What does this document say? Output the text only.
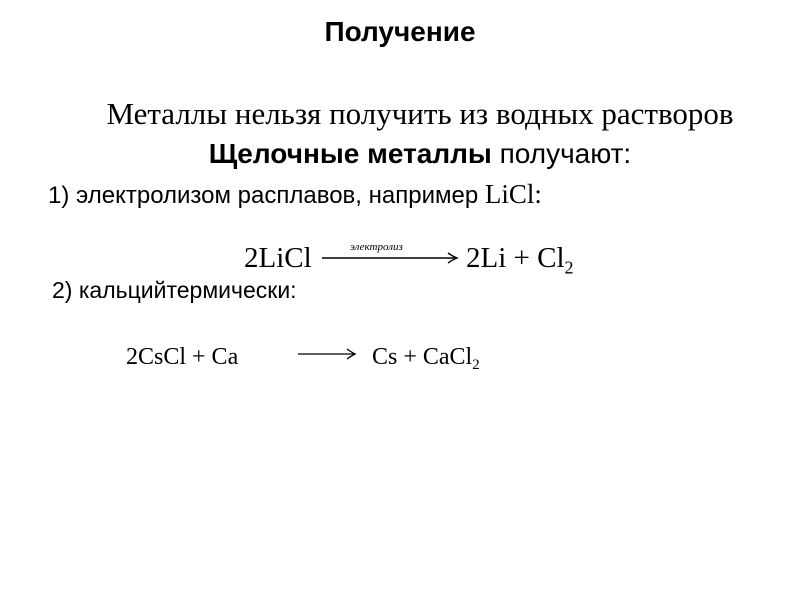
Получение
Металлы нельзя получить из водных растворов
Щелочные металлы получают:
1) электролизом расплавов, например LiCl:
2LiCl	электролиз $2Li + Cl_2$
2) кальцийтермически:
2CsCl + Ca	Cs + CaCl$_2$
